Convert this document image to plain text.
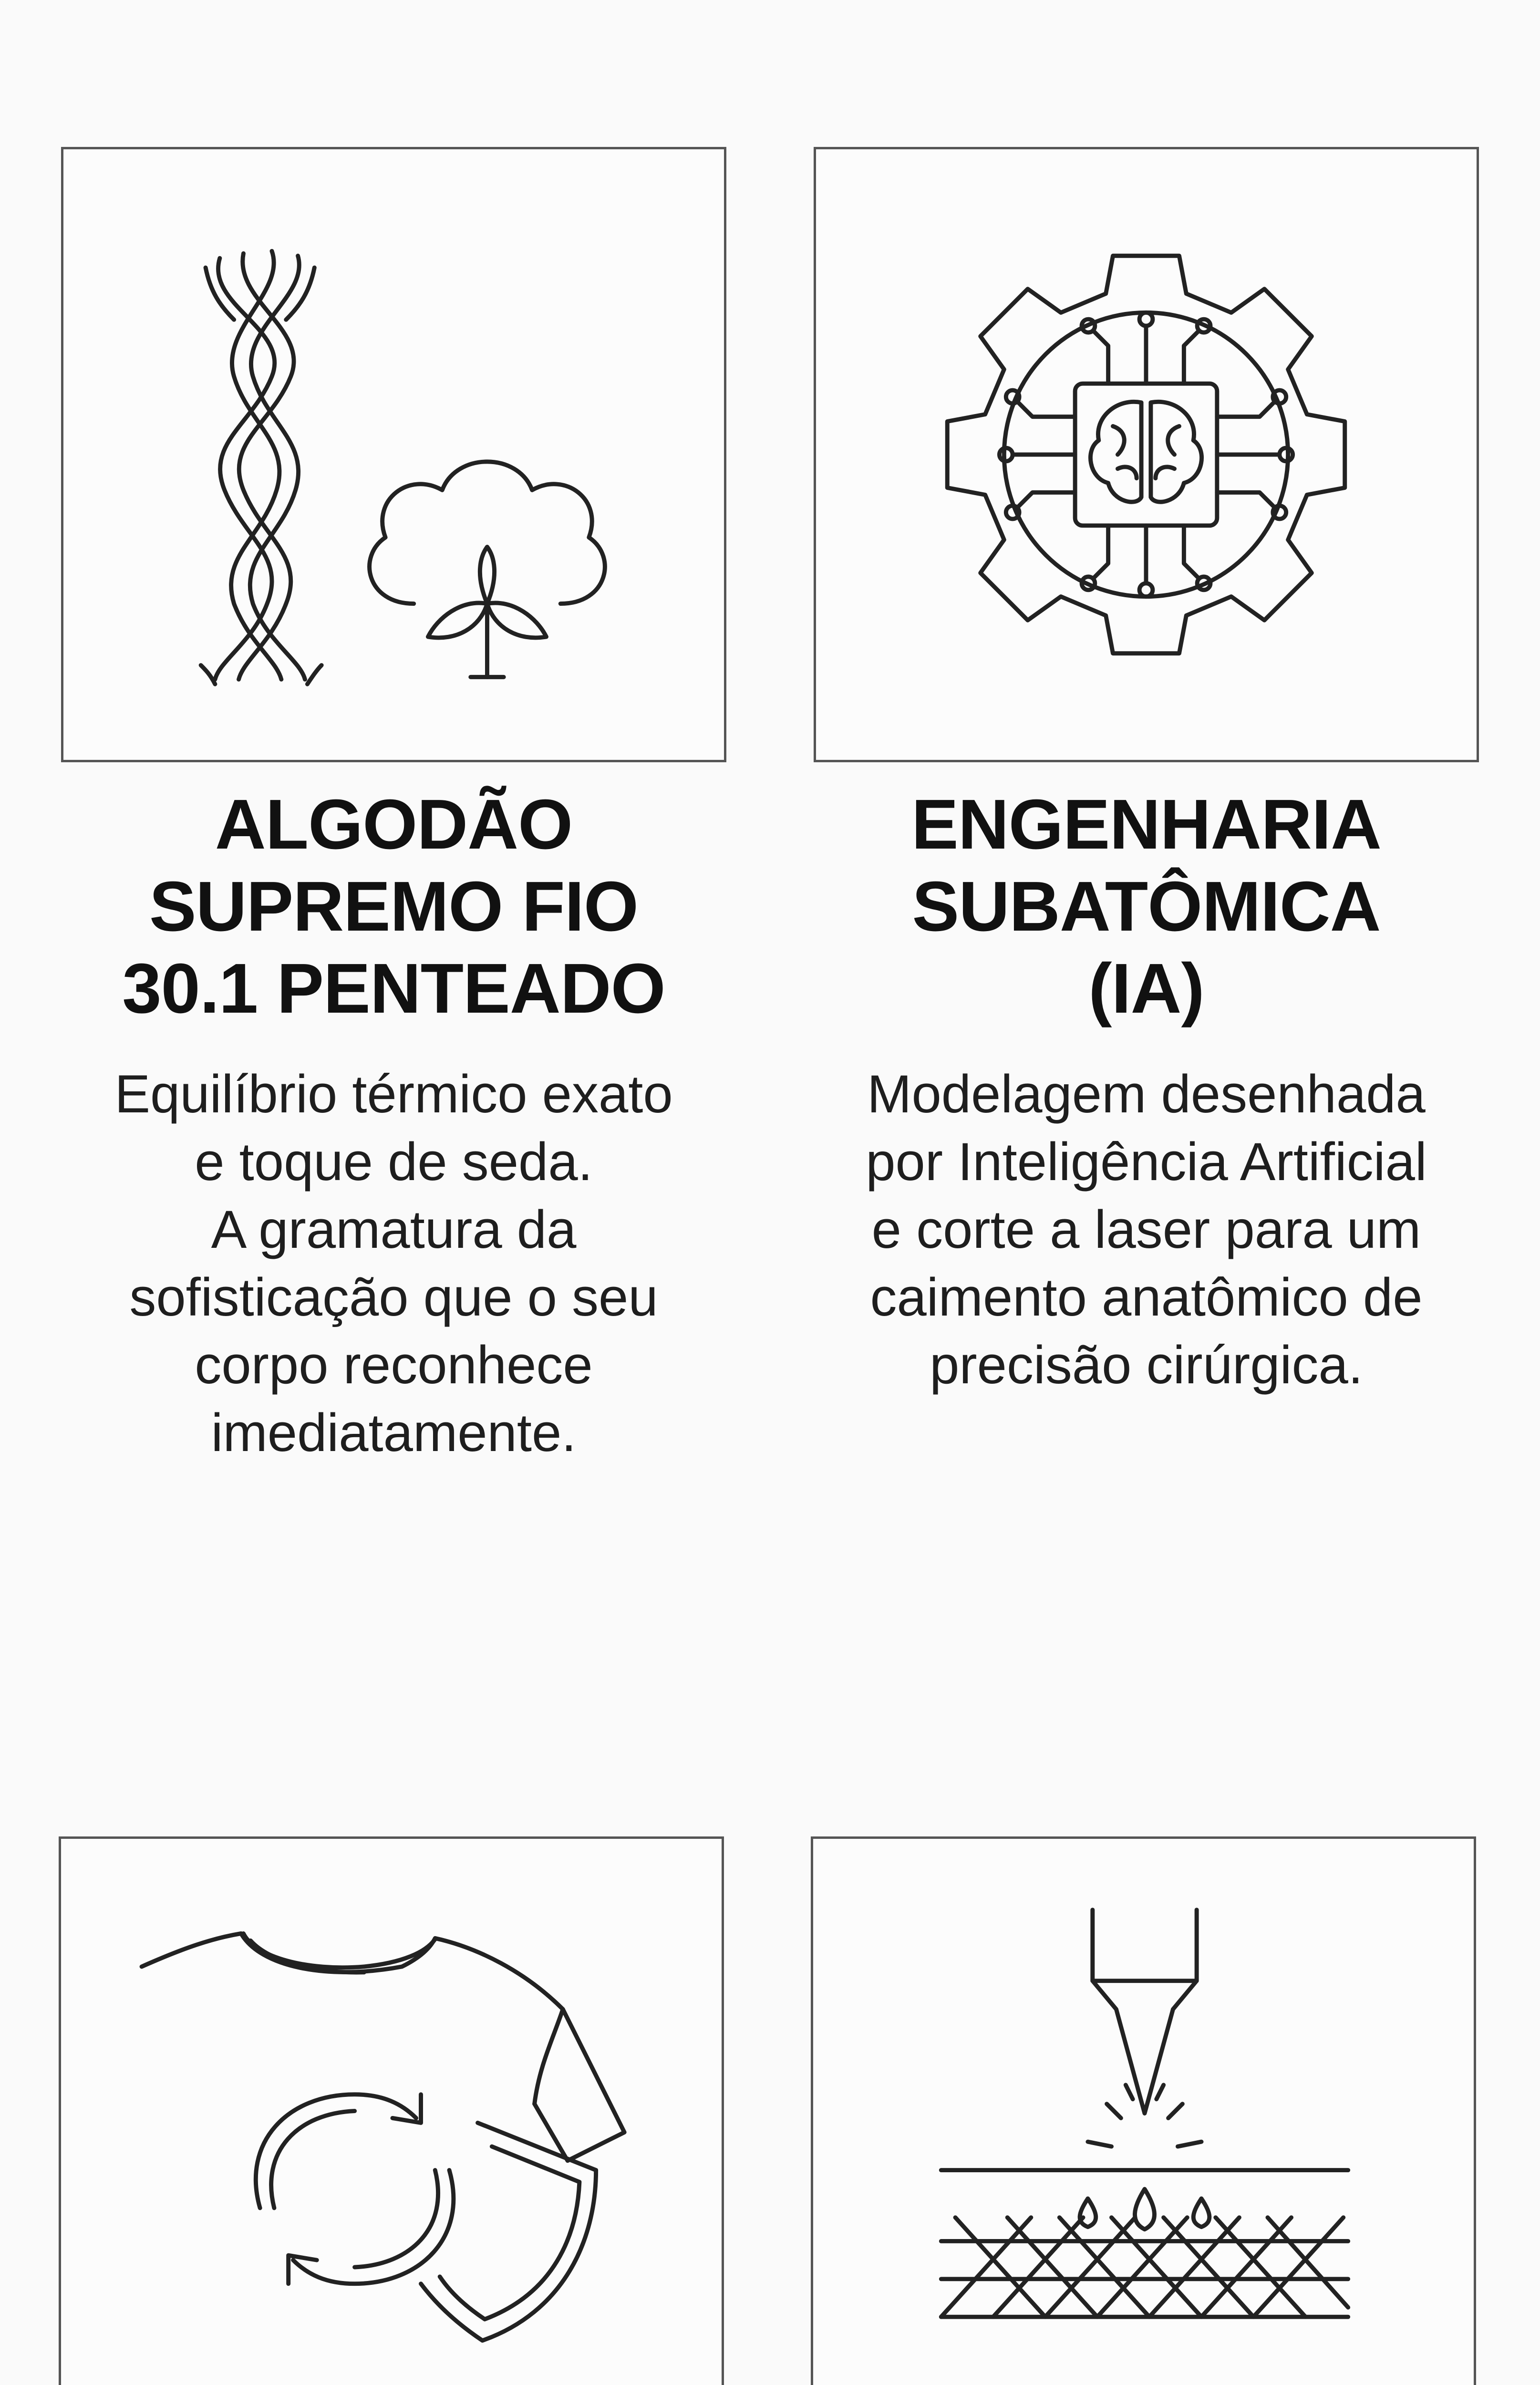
ALGODÃO
SUPREMO FIO
30.1 PENTEADO
Equilíbrio térmico exato
e toque de seda.
A gramatura da
sofisticação que o seu
corpo reconhece
imediatamente.
ENGENHARIA
SUBATÔMICA
(IA)
Modelagem desenhada
por Inteligência Artificial
e corte a laser para um
caimento anatômico de
precisão cirúrgica.
